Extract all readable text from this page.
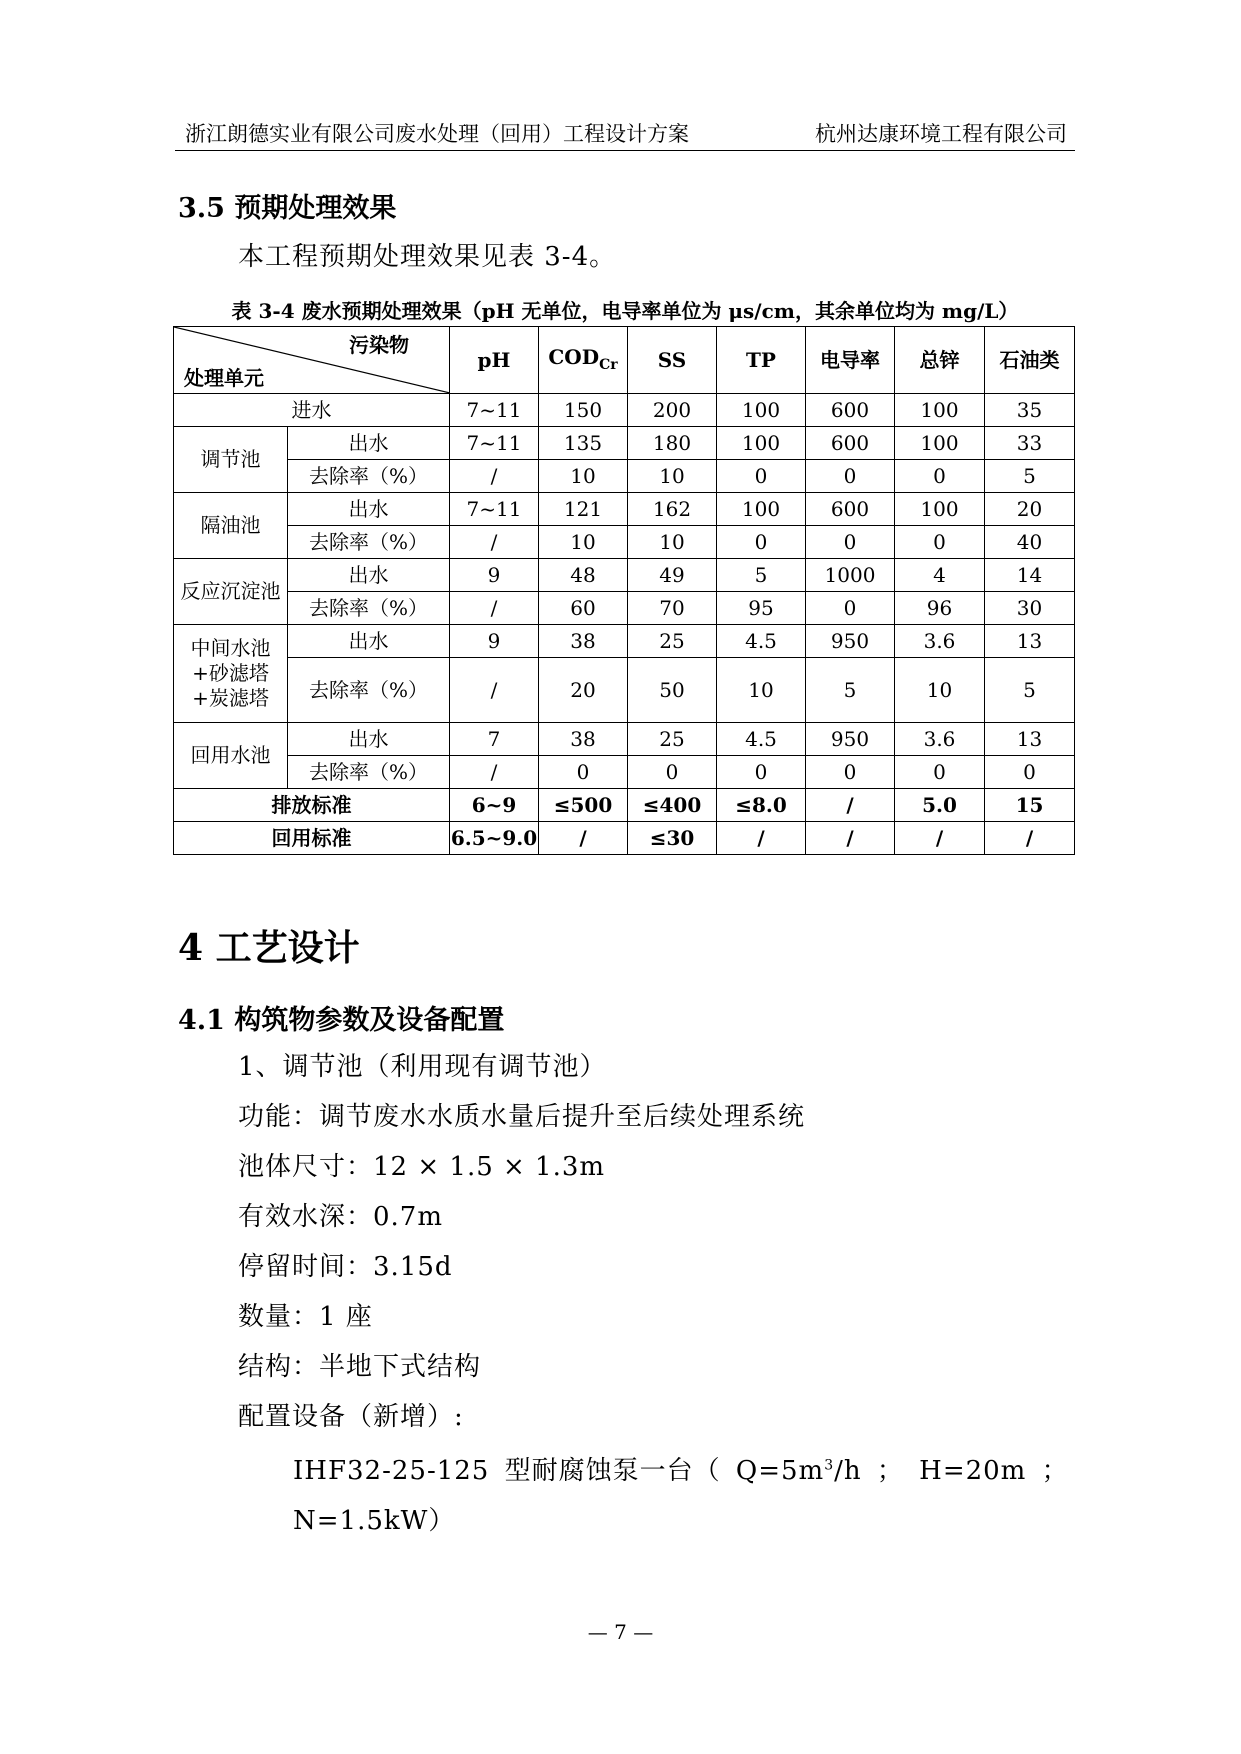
浙江朗德实业有限公司废水处理（回用）工程设计方案	杭州达康环境工程有限公司
3.5 预期处理效果
本工程预期处理效果见表 3-4。
表 3-4 废水预期处理效果（pH 无单位，电导率单位为 μs/cm，其余单位均为 mg/L）
污染物
处理单元		pH	$COD_{Cr}$	SS	TP	电导率	总锌	石油类
进水		7~11	150	200	100	600	100	35
调节池	出水	7~11	135	180	100	600	100	33
	去除率（%）	/	10	10	0	0	0	5
隔油池	出水	7~11	121	162	100	600	100	20
	去除率（%）	/	10	10	0	0	0	40
反应沉淀池	出水	9	48	49	5	1000	4	14
	去除率（%）	/	60	70	95	0	96	30
中间水池+砂滤塔+炭滤塔	出水	9	38	25	4.5	950	3.6	13
	去除率（%）	/	20	50	10	5	10	5
回用水池	出水	7	38	25	4.5	950	3.6	13
	去除率（%）	/	0	0	0	0	0	0
排放标准		6~9	≤500	≤400	≤8.0	/	5.0	15
回用标准		6.5~9.0	/	≤30	/	/	/	/
4 工艺设计
4.1 构筑物参数及设备配置
1、调节池（利用现有调节池）
功能：调节废水水质水量后提升至后续处理系统
池体尺寸：12 × 1.5 × 1.3m
有效水深：0.7m
停留时间：3.15d
数量：1 座
结构：半地下式结构
配置设备（新增）:
IHF32-25-125 型耐腐蚀泵一台（ $Q=5m^3/h$ ； H=20m ；
N=1.5kW）
— 7 —
